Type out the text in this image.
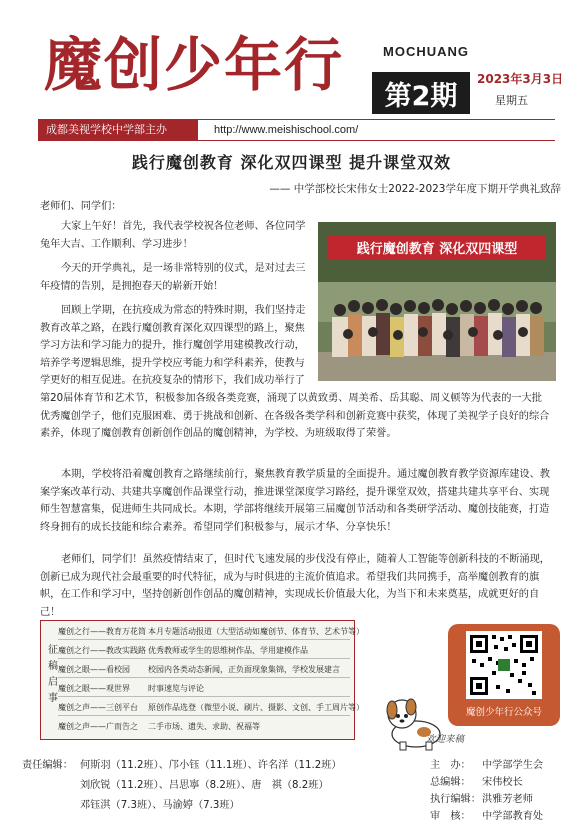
魔创少年行	MOCHUANG
第2期
2023年3月3日
星期五
成都美视学校中学部主办	http://www.meishischool.com/
践行魔创教育 深化双四课型 提升课堂双效
—— 中学部校长宋伟女士2022-2023学年度下期开学典礼致辞

老师们、同学们：

大家上午好！首先，我代表学校祝各位老师、各位同学兔年大吉、工作顺利、学习进步！

今天的开学典礼，是一场非常特别的仪式，是对过去三年疫情的告别，是拥抱春天的崭新开始！

回顾上学期，在抗疫成为常态的特殊时期，我们坚持走教育改革之路，在践行魔创教育深化双四课型的路上，聚焦学习方法和学习能力的提升，推行魔创学用建模教改行动，培养学考逻辑思维，提升学校应考能力和学科素养，使教与学更好的相互促进。在抗疫复杂的情形下，我们成功举行了第20届体育节和艺术节，积极参加各级各类竞赛，涌现了以黄致勇、周美希、岳其聪、周义顿等为代表的一大批优秀魔创学子，他们克服困难、勇于挑战和创新、在各级各类学科和创新竞赛中获奖，体现了美视学子良好的综合素养，体现了魔创教育创新创作创品的魔创精神，为学校、为班级取得了荣誉。

本期，学校将沿着魔创教育之路继续前行，聚焦教育教学质量的全面提升。通过魔创教育教学资源库建设、教案学案改革行动、共建共享魔创作品课堂行动，推进课堂深度学习路经，提升课堂双效，搭建共建共享平台、实现师生智慧富集，促进师生共同成长。本期，学部将继续开展第三届魔创节活动和各类研学活动、魔创技能赛，打造终身拥有的成长技能和综合素养。希望同学们积极参与，展示才华、分享快乐！

老师们，同学们！虽然疫情结束了，但时代飞速发展的步伐没有停止，随着人工智能等创新科技的不断涌现，创新已成为现代社会最重要的时代特征，成为与时俱进的主流价值追求。希望我们共同携手，高举魔创教育的旗帜，在工作和学习中，坚持创新创作创品的魔创精神，实现成长价值最大化，为当下和未来奠基，成就更好的自己！

践行魔创教育 深化双四课型
征稿启事
魔创之行——教育万花筒 本月专题活动报道（大型活动如魔创节、体育节、艺术节等）
魔创之行——教改实践路 优秀教师或学生的思维树作品、学用建模作品
魔创之眼——看校园	校园内各类动态新闻，正负面现象集锦，学校发展建言
魔创之眼——观世界	时事速览与评论
魔创之声——三创平台	原创作品选登（微型小说、刷片、摄影、文创、手工周片等）
魔创之声——广而告之	二手市场、遗失、求助、祝福等
魔创少年行公众号
欢迎来稿
责任编辑： 何斯羽（11.2班）、邝小钰（11.1班）、许名洋（11.2班）
刘欣锐（11.2班）、吕思寧（8.2班）、唐　祺（8.2班）
邓钰淇（7.3班）、马渝婷（7.3班）
主　办： 中学部学生会
总编辑： 宋伟校长
执行编辑： 洪雅芳老师
审　核： 中学部教育处
